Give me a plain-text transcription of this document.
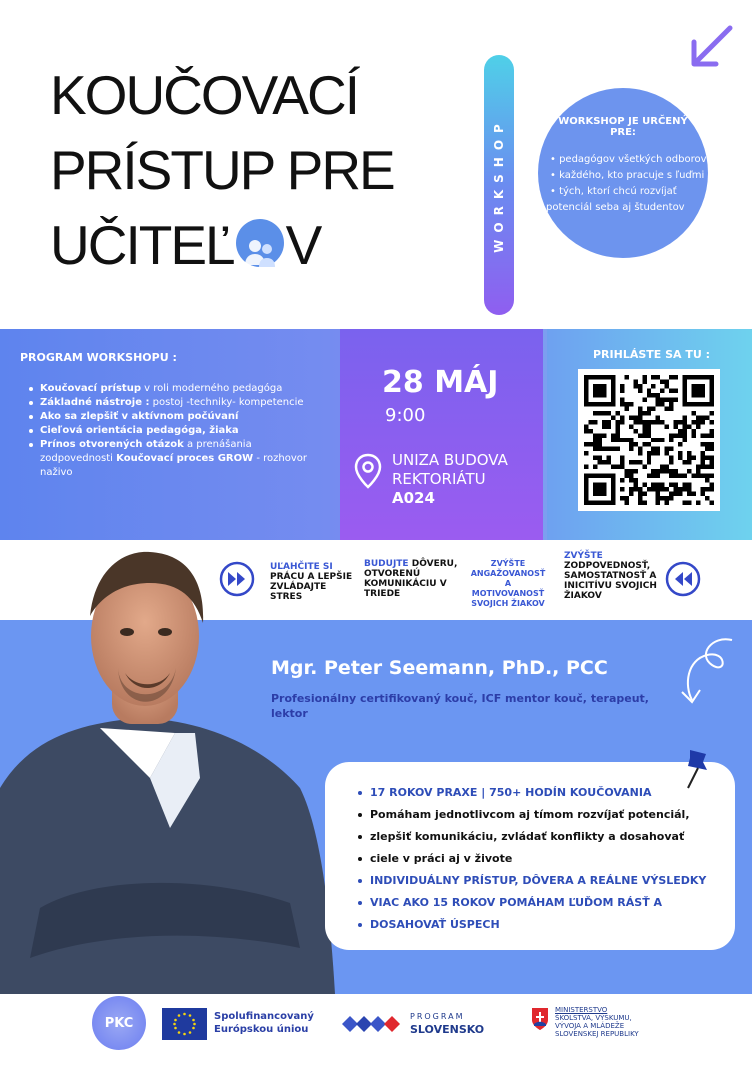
KOUČOVACÍ
PRÍSTUP PRE
UČITEĽ V	WORKSHOP	WORKSHOP JE URČENÝ PRE:
• pedagógov všetkých odborov
• každého, kto pracuje s ľuďmi
• tých, ktorí chcú rozvíjať
potenciál seba aj študentov
PROGRAM WORKSHOPU :
Koučovací prístup v roli moderného pedagóga
Základné nástroje : postoj -techniky- kompetencie
Ako sa zlepšiť v aktívnom počúvaní
Cieľová orientácia pedagóga, žiaka
Prínos otvorených otázok a prenášania
zodpovednosti Koučovací proces GROW - rozhovor
naživo
28 MÁJ
9:00
UNIZA BUDOVA
REKTORIÁTU
A024
PRIHLÁSTE SA TU :
UĽAHČITE SI
PRÁCU A LEPŠIE
ZVLÁDAJTE
STRES
BUDUJTE DÔVERU,
OTVORENÚ
KOMUNIKÁCIU V
TRIEDE
ZVÝŠTE
ANGAŽOVANOSŤ A
MOTIVOVANOSŤ
SVOJICH ŽIAKOV
ZVÝŠTE
ZODPOVEDNOSŤ,
SAMOSTATNOSŤ A
INICITÍVU SVOJICH
ŽIAKOV
Mgr. Peter Seemann, PhD., PCC
Profesionálny certifikovaný kouč, ICF mentor kouč, terapeut, lektor
17 ROKOV PRAXE | 750+ HODÍN KOUČOVANIA
Pomáham jednotlivcom aj tímom rozvíjať potenciál,
zlepšiť komunikáciu, zvládať konflikty a dosahovať
ciele v práci aj v živote
INDIVIDUÁLNY PRÍSTUP, DÔVERA A REÁLNE VÝSLEDKY
VIAC AKO 15 ROKOV POMÁHAM ĽUĎOM RÁSŤ A
DOSAHOVAŤ ÚSPECH
PKC	Spolufinancovaný
Európskou úniou
PROGRAM
SLOVENSKO
MINISTERSTVO
ŠKOLSTVA, VÝSKUMU,
VÝVOJA A MLÁDEŽE
SLOVENSKEJ REPUBLIKY
